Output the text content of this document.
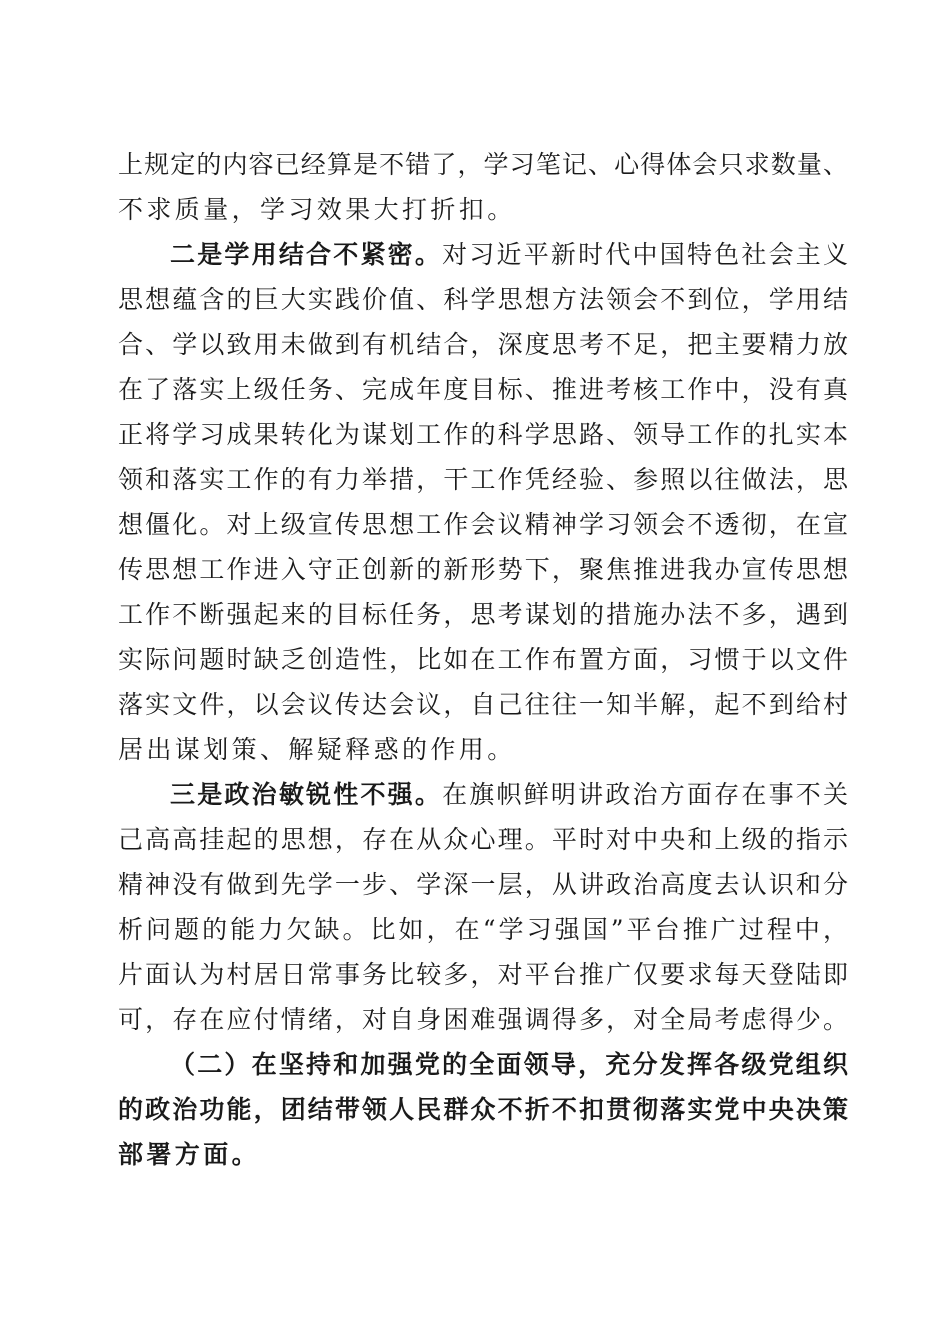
上规定的内容已经算是不错了，学习笔记、心得体会只求数量、
不求质量，学习效果大打折扣。
二是学用结合不紧密。对习近平新时代中国特色社会主义
思想蕴含的巨大实践价值、科学思想方法领会不到位，学用结
合、学以致用未做到有机结合，深度思考不足，把主要精力放
在了落实上级任务、完成年度目标、推进考核工作中，没有真
正将学习成果转化为谋划工作的科学思路、领导工作的扎实本
领和落实工作的有力举措，干工作凭经验、参照以往做法，思
想僵化。对上级宣传思想工作会议精神学习领会不透彻，在宣
传思想工作进入守正创新的新形势下，聚焦推进我办宣传思想
工作不断强起来的目标任务，思考谋划的措施办法不多，遇到
实际问题时缺乏创造性，比如在工作布置方面，习惯于以文件
落实文件，以会议传达会议，自己往往一知半解，起不到给村
居出谋划策、解疑释惑的作用。
三是政治敏锐性不强。在旗帜鲜明讲政治方面存在事不关
己高高挂起的思想，存在从众心理。平时对中央和上级的指示
精神没有做到先学一步、学深一层，从讲政治高度去认识和分
析问题的能力欠缺。比如，在“学习强国”平台推广过程中，
片面认为村居日常事务比较多，对平台推广仅要求每天登陆即
可，存在应付情绪，对自身困难强调得多，对全局考虑得少。
（二）在坚持和加强党的全面领导，充分发挥各级党组织
的政治功能，团结带领人民群众不折不扣贯彻落实党中央决策
部署方面。
